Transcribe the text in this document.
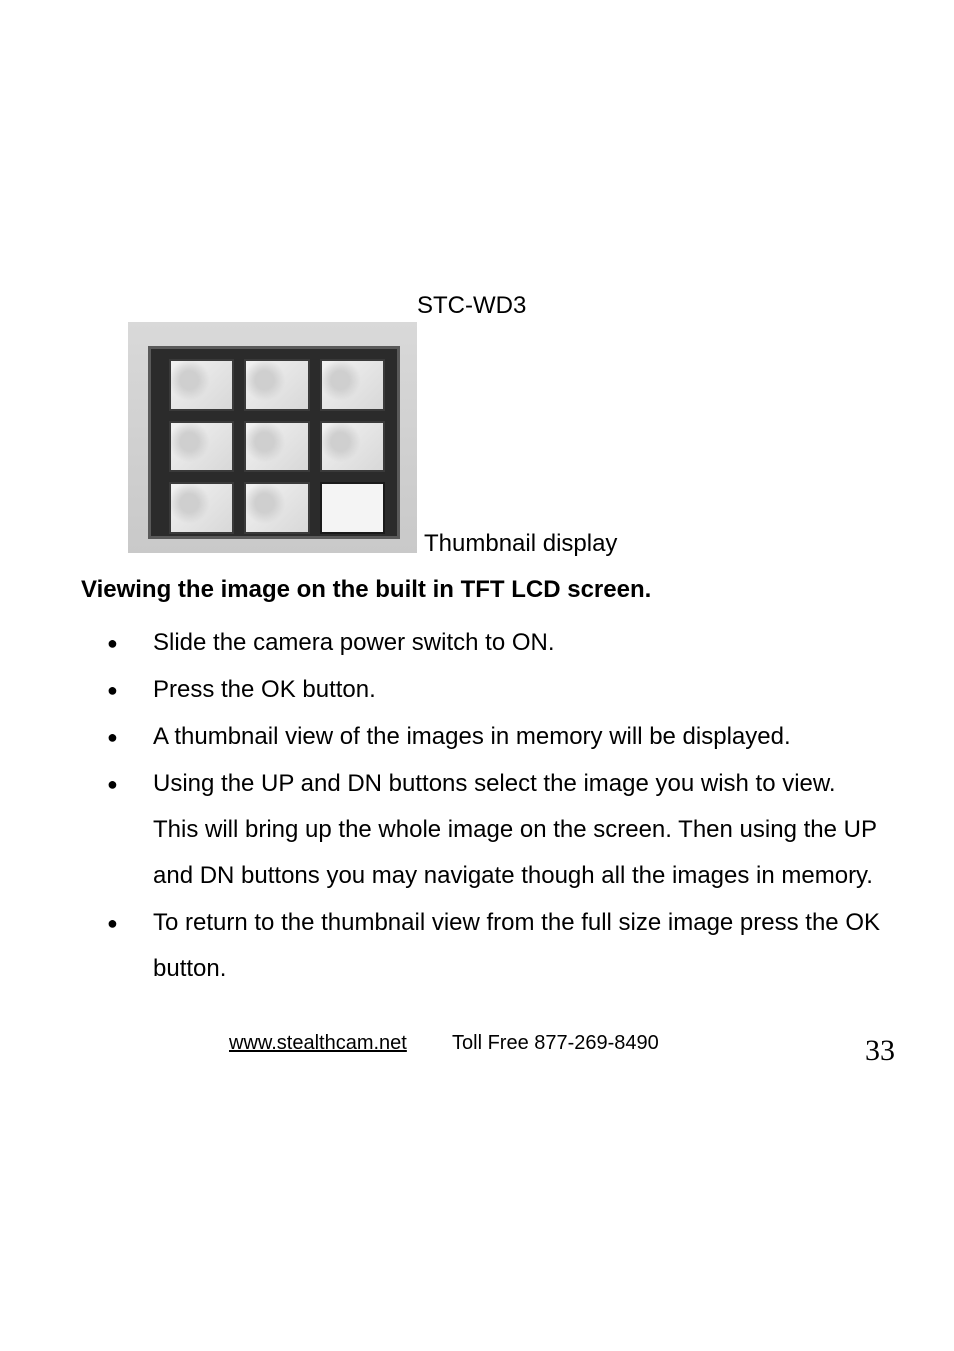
STC-WD3
Thumbnail display
Viewing the image on the built in TFT LCD screen.
● Slide the camera power switch to ON.
● Press the OK button.
● A thumbnail view of the images in memory will be displayed.
● Using the UP and DN buttons select the image you wish to view. This will bring up the whole image on the screen. Then using the UP and DN buttons you may navigate though all the images in memory.
● To return to the thumbnail view from the full size image press the OK button.
www.stealthcam.net Toll Free 877-269-8490	33
